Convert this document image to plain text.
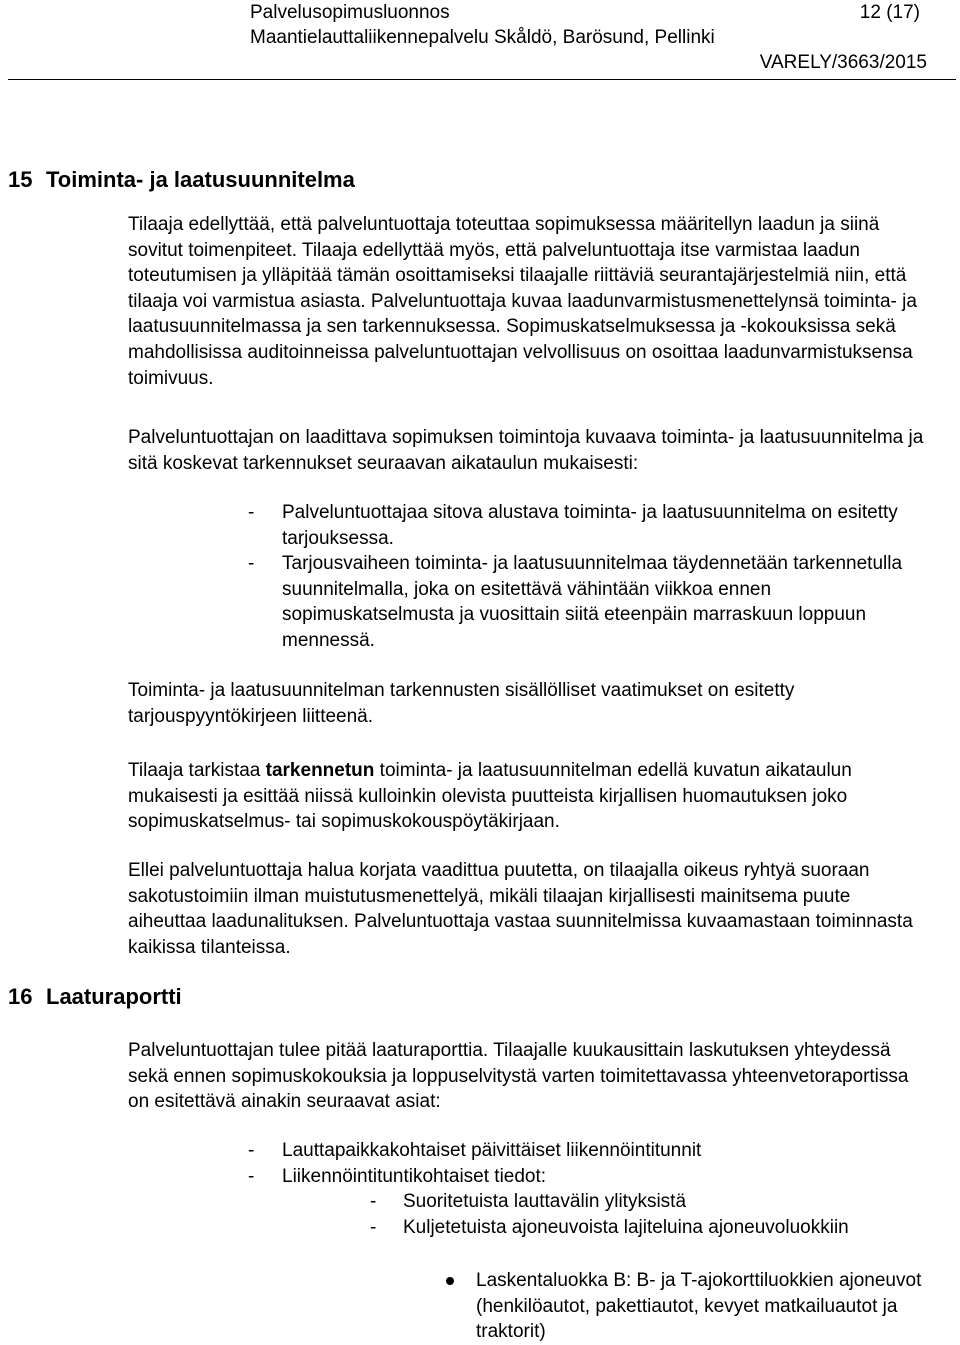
Palvelusopimusluonnos	12 (17)
Maantielauttaliikennepalvelu Skåldö, Barösund, Pellinki
VARELY/3663/2015
15 Toiminta- ja laatusuunnitelma

Tilaaja edellyttää, että palveluntuottaja toteuttaa sopimuksessa määritellyn laadun ja siinä sovitut toimenpiteet. Tilaaja edellyttää myös, että palveluntuottaja itse varmistaa laadun toteutumisen ja ylläpitää tämän osoittamiseksi tilaajalle riittäviä seurantajärjestelmiä niin, että tilaaja voi varmistua asiasta. Palveluntuottaja kuvaa laadunvarmistusmenettelynsä toiminta- ja laatusuunnitelmassa ja sen tarkennuksessa. Sopimuskatselmuksessa ja -kokouksissa sekä mahdollisissa auditoinneissa palveluntuottajan velvollisuus on osoittaa laadunvarmistuksensa toimivuus.

Palveluntuottajan on laadittava sopimuksen toimintoja kuvaava toiminta- ja laatusuunnitelma ja sitä koskevat tarkennukset seuraavan aikataulun mukaisesti:

- Palveluntuottajaa sitova alustava toiminta- ja laatusuunnitelma on esitetty tarjouksessa.
- Tarjousvaiheen toiminta- ja laatusuunnitelmaa täydennetään tarkennetulla suunnitelmalla, joka on esitettävä vähintään viikkoa ennen sopimuskatselmusta ja vuosittain siitä eteenpäin marraskuun loppuun mennessä.

Toiminta- ja laatusuunnitelman tarkennusten sisällölliset vaatimukset on esitetty tarjouspyyntökirjeen liitteenä.

Tilaaja tarkistaa tarkennetun toiminta- ja laatusuunnitelman edellä kuvatun aikataulun mukaisesti ja esittää niissä kulloinkin olevista puutteista kirjallisen huomautuksen joko sopimuskatselmus- tai sopimuskokouspöytäkirjaan.

Ellei palveluntuottaja halua korjata vaadittua puutetta, on tilaajalla oikeus ryhtyä suoraan sakotustoimiin ilman muistutusmenettelyä, mikäli tilaajan kirjallisesti mainitsema puute aiheuttaa laadunalituksen. Palveluntuottaja vastaa suunnitelmissa kuvaamastaan toiminnasta kaikissa tilanteissa.

16 Laaturaportti

Palveluntuottajan tulee pitää laaturaporttia. Tilaajalle kuukausittain laskutuksen yhteydessä sekä ennen sopimuskokouksia ja loppuselvitystä varten toimitettavassa yhteenvetoraportissa on esitettävä ainakin seuraavat asiat:

- Lauttapaikkakohtaiset päivittäiset liikennöintitunnit
- Liikennöintituntikohtaiset tiedot:
- Suoritetuista lauttavälin ylityksistä
- Kuljetetuista ajoneuvoista lajiteluina ajoneuvoluokkiin
Laskentaluokka B: B- ja T-ajokorttiluokkien ajoneuvot (henkilöautot, pakettiautot, kevyet matkailuautot ja traktorit)
